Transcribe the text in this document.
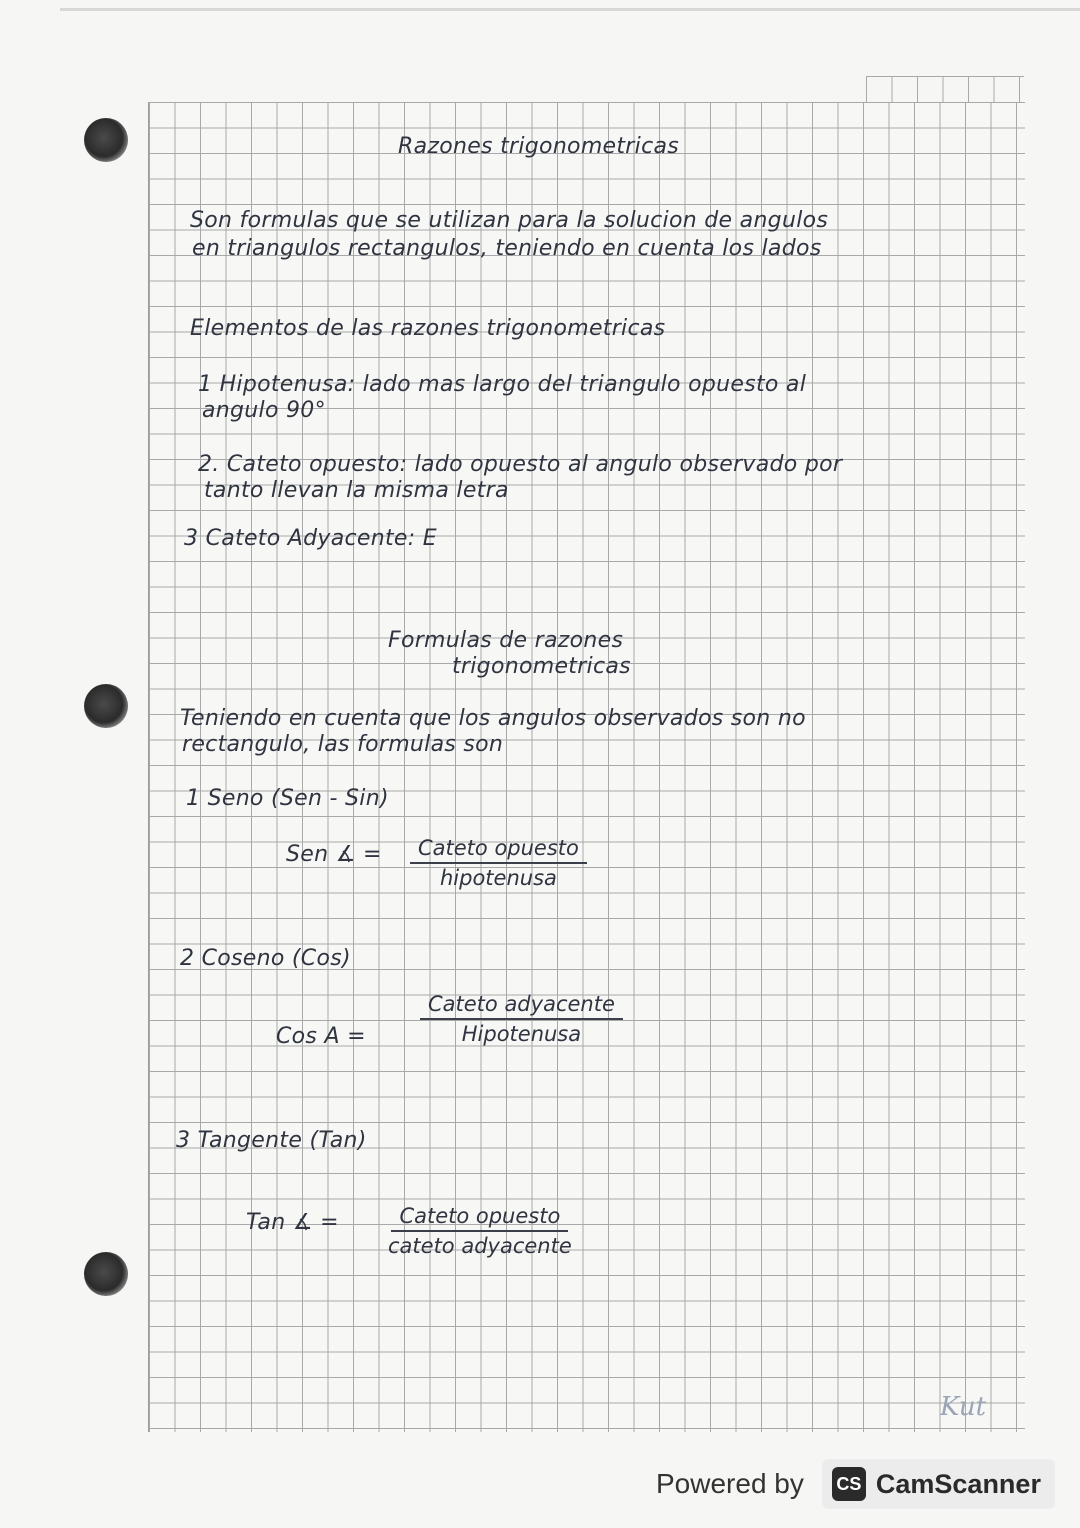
Razones trigonometricas
Son formulas que se utilizan para la solucion de angulos
en triangulos rectangulos, teniendo en cuenta los lados
Elementos de las razones trigonometricas
1 Hipotenusa: lado mas largo del triangulo opuesto al
angulo 90°
2. Cateto opuesto: lado opuesto al angulo observado por
tanto llevan la misma letra
3 Cateto Adyacente: E
Formulas de razones
trigonometricas
Teniendo en cuenta que los angulos observados son no
rectangulo, las formulas son
1 Seno (Sen - Sin)
Sen ∡ =	Cateto opuesto
hipotenusa
2 Coseno (Cos)
Cos A =
Cateto adyacente
Hipotenusa
3 Tangente (Tan)
Tan ∡ =	Cateto opuesto
cateto adyacente
Kut
Powered by CS CamScanner
